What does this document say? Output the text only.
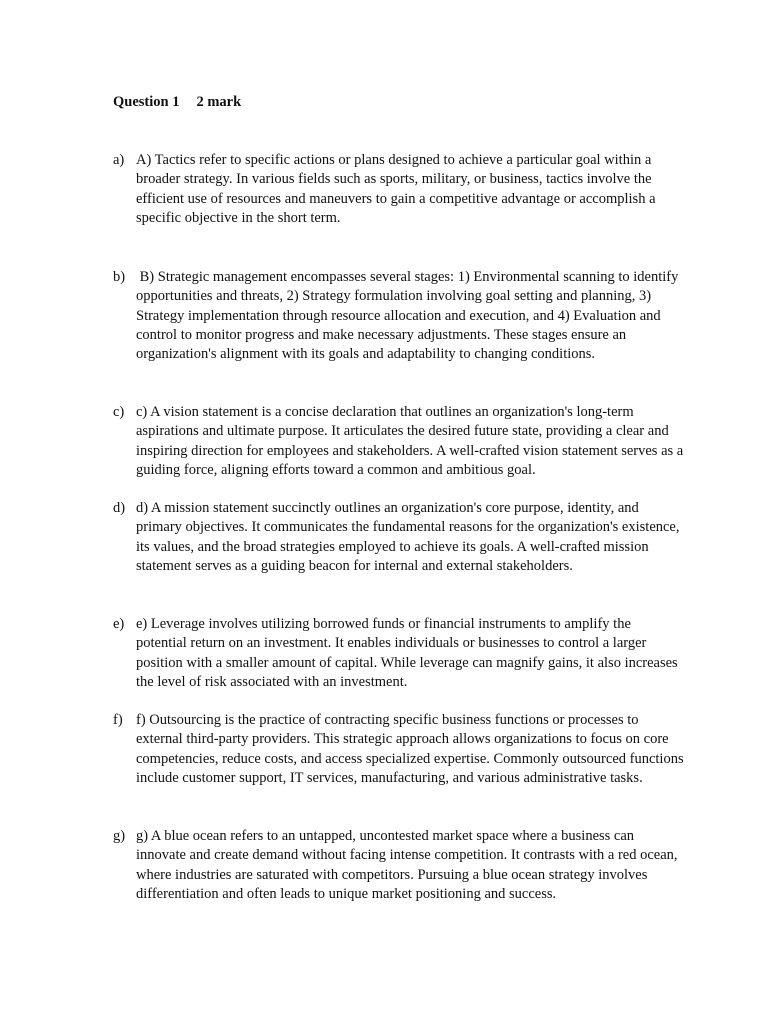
Question 1 2 mark
a) A) Tactics refer to specific actions or plans designed to achieve a particular goal within a broader strategy. In various fields such as sports, military, or business, tactics involve the efficient use of resources and maneuvers to gain a competitive advantage or accomplish a specific objective in the short term.
b) B) Strategic management encompasses several stages: 1) Environmental scanning to identify opportunities and threats, 2) Strategy formulation involving goal setting and planning, 3) Strategy implementation through resource allocation and execution, and 4) Evaluation and control to monitor progress and make necessary adjustments. These stages ensure an organization's alignment with its goals and adaptability to changing conditions.
c) c) A vision statement is a concise declaration that outlines an organization's long-term aspirations and ultimate purpose. It articulates the desired future state, providing a clear and inspiring direction for employees and stakeholders. A well-crafted vision statement serves as a guiding force, aligning efforts toward a common and ambitious goal.
d) d) A mission statement succinctly outlines an organization's core purpose, identity, and primary objectives. It communicates the fundamental reasons for the organization's existence, its values, and the broad strategies employed to achieve its goals. A well-crafted mission statement serves as a guiding beacon for internal and external stakeholders.
e) e) Leverage involves utilizing borrowed funds or financial instruments to amplify the potential return on an investment. It enables individuals or businesses to control a larger position with a smaller amount of capital. While leverage can magnify gains, it also increases the level of risk associated with an investment.
f) f) Outsourcing is the practice of contracting specific business functions or processes to external third-party providers. This strategic approach allows organizations to focus on core competencies, reduce costs, and access specialized expertise. Commonly outsourced functions include customer support, IT services, manufacturing, and various administrative tasks.
g) g) A blue ocean refers to an untapped, uncontested market space where a business can innovate and create demand without facing intense competition. It contrasts with a red ocean, where industries are saturated with competitors. Pursuing a blue ocean strategy involves differentiation and often leads to unique market positioning and success.
